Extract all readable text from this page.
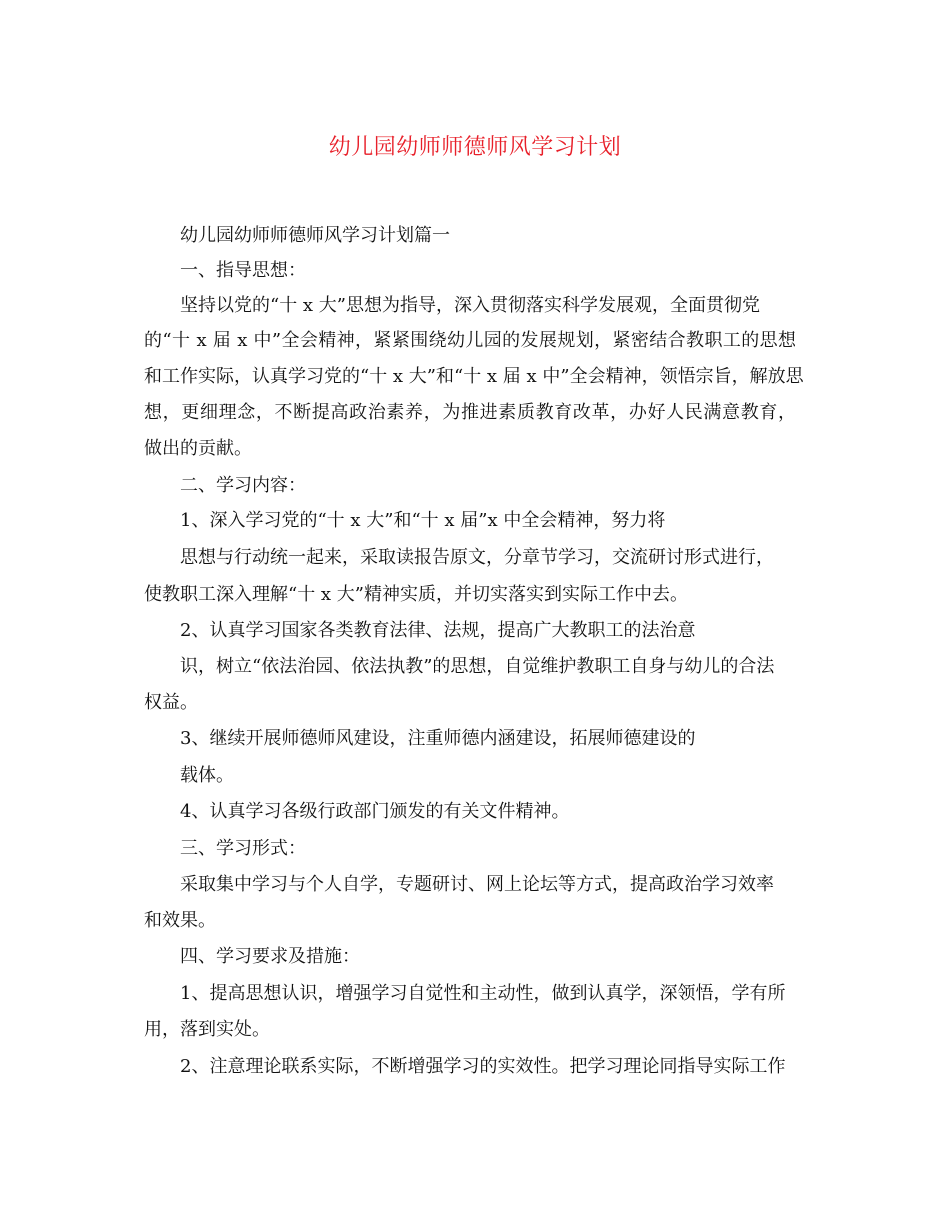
幼儿园幼师师德师风学习计划
幼儿园幼师师德师风学习计划篇一
一、指导思想：
坚持以党的“十 x 大”思想为指导，深入贯彻落实科学发展观，全面贯彻党
的“十 x 届 x 中”全会精神，紧紧围绕幼儿园的发展规划，紧密结合教职工的思想
和工作实际，认真学习党的“十 x 大”和“十 x 届 x 中”全会精神，领悟宗旨，解放思
想，更细理念，不断提高政治素养，为推进素质教育改革，办好人民满意教育，
做出的贡献。
二、学习内容：
1、深入学习党的“十 x 大”和“十 x 届”x 中全会精神，努力将
思想与行动统一起来，采取读报告原文，分章节学习，交流研讨形式进行，
使教职工深入理解“十 x 大”精神实质，并切实落实到实际工作中去。
2、认真学习国家各类教育法律、法规，提高广大教职工的法治意
识，树立“依法治园、依法执教”的思想，自觉维护教职工自身与幼儿的合法
权益。
3、继续开展师德师风建设，注重师德内涵建设，拓展师德建设的
载体。
4、认真学习各级行政部门颁发的有关文件精神。
三、学习形式：
采取集中学习与个人自学，专题研讨、网上论坛等方式，提高政治学习效率
和效果。
四、学习要求及措施：
1、提高思想认识，增强学习自觉性和主动性，做到认真学，深领悟，学有所
用，落到实处。
2、注意理论联系实际，不断增强学习的实效性。把学习理论同指导实际工作
